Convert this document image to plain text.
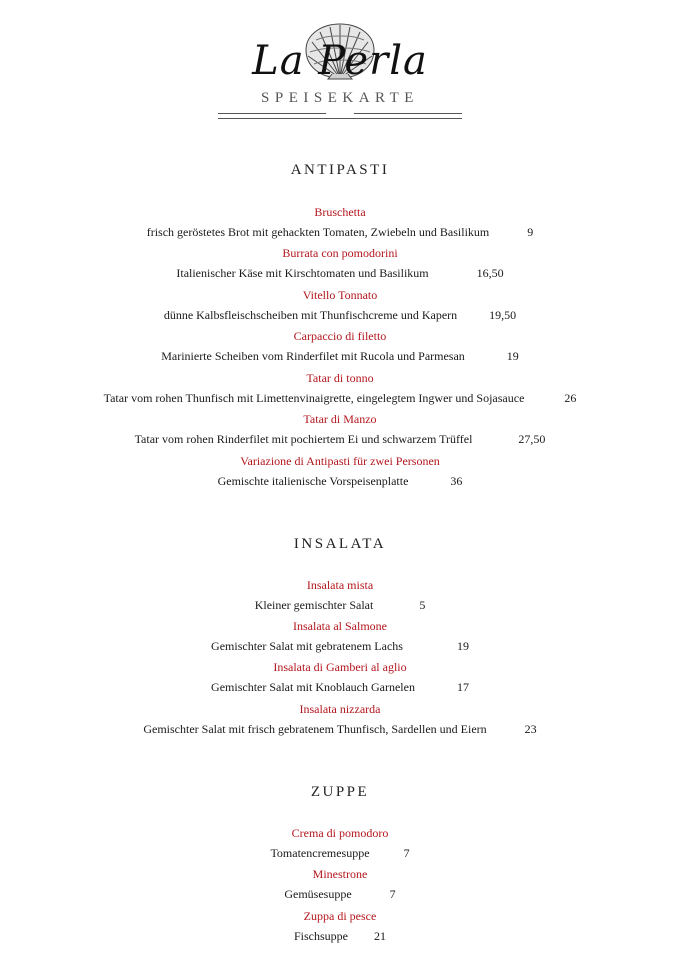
La Perla
SPEISEKARTE
ANTIPASTI
Bruschetta
frisch geröstetes Brot mit gehackten Tomaten, Zwiebeln und Basilikum	9
Burrata con pomodorini
Italienischer Käse mit Kirschtomaten und Basilikum	16,50
Vitello Tonnato
dünne Kalbsfleischscheiben mit Thunfischcreme und Kapern	19,50
Carpaccio di filetto
Marinierte Scheiben vom Rinderfilet mit Rucola und Parmesan	19
Tatar di tonno
Tatar vom rohen Thunfisch mit Limettenvinaigrette, eingelegtem Ingwer und Sojasauce	26
Tatar di Manzo
Tatar vom rohen Rinderfilet mit pochiertem Ei und schwarzem Trüffel	27,50
Variazione di Antipasti für zwei Personen
Gemischte italienische Vorspeisenplatte	36
INSALATA
Insalata mista
Kleiner gemischter Salat	5
Insalata al Salmone
Gemischter Salat mit gebratenem Lachs	19
Insalata di Gamberi al aglio
Gemischter Salat mit Knoblauch Garnelen	17
Insalata nizzarda
Gemischter Salat mit frisch gebratenem Thunfisch, Sardellen und Eiern	23
ZUPPE
Crema di pomodoro
Tomatencremesuppe	7
Minestrone
Gemüsesuppe	7
Zuppa di pesce
Fischsuppe 21
